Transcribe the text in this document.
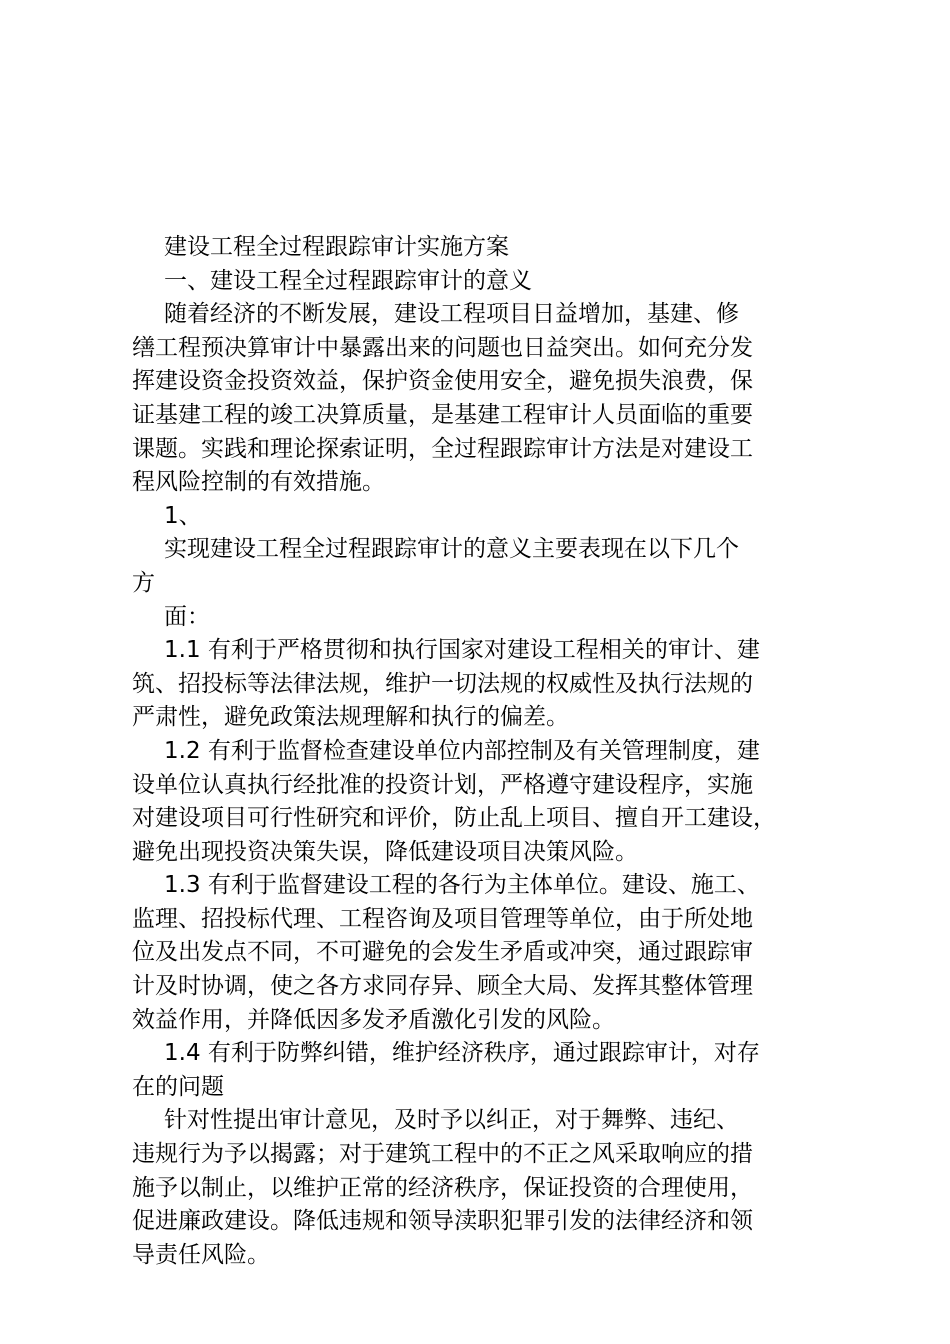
建设工程全过程跟踪审计实施方案
一、建设工程全过程跟踪审计的意义
随着经济的不断发展，建设工程项目日益增加，基建、修
缮工程预决算审计中暴露出来的问题也日益突出。如何充分发
挥建设资金投资效益，保护资金使用安全，避免损失浪费，保
证基建工程的竣工决算质量，是基建工程审计人员面临的重要
课题。实践和理论探索证明，全过程跟踪审计方法是对建设工
程风险控制的有效措施。
1、
实现建设工程全过程跟踪审计的意义主要表现在以下几个
方
面：
1.1 有利于严格贯彻和执行国家对建设工程相关的审计、建
筑、招投标等法律法规，维护一切法规的权威性及执行法规的
严肃性，避免政策法规理解和执行的偏差。
1.2 有利于监督检查建设单位内部控制及有关管理制度，建
设单位认真执行经批准的投资计划，严格遵守建设程序，实施
对建设项目可行性研究和评价，防止乱上项目、擅自开工建设，
避免出现投资决策失误，降低建设项目决策风险。
1.3 有利于监督建设工程的各行为主体单位。建设、施工、
监理、招投标代理、工程咨询及项目管理等单位，由于所处地
位及出发点不同，不可避免的会发生矛盾或冲突，通过跟踪审
计及时协调，使之各方求同存异、顾全大局、发挥其整体管理
效益作用，并降低因多发矛盾激化引发的风险。
1.4 有利于防弊纠错，维护经济秩序，通过跟踪审计，对存
在的问题
针对性提出审计意见，及时予以纠正，对于舞弊、违纪、
违规行为予以揭露；对于建筑工程中的不正之风采取响应的措
施予以制止，以维护正常的经济秩序，保证投资的合理使用，
促进廉政建设。降低违规和领导渎职犯罪引发的法律经济和领
导责任风险。
